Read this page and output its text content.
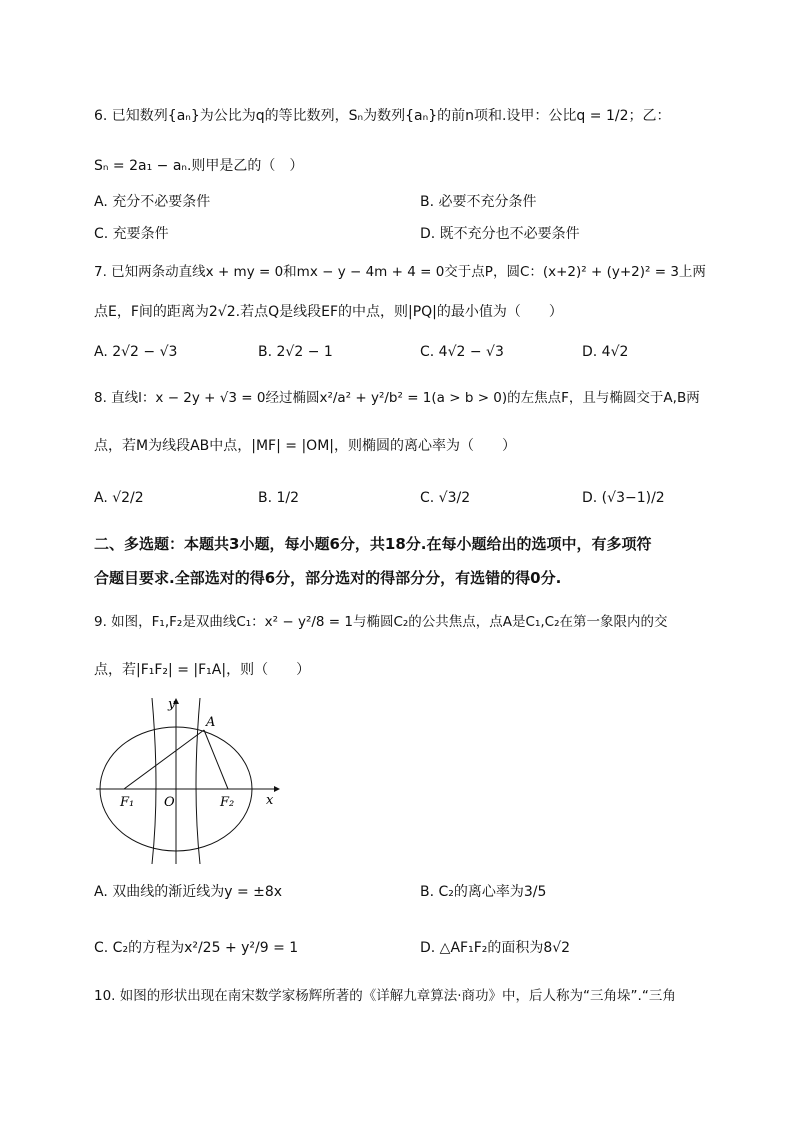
6. 已知数列{aₙ}为公比为q的等比数列，Sₙ为数列{aₙ}的前n项和.设甲：公比q = 1/2；乙：
Sₙ = 2a₁ − aₙ.则甲是乙的（　）
A. 充分不必要条件	B. 必要不充分条件
C. 充要条件	D. 既不充分也不必要条件
7. 已知两条动直线x + my = 0和mx − y − 4m + 4 = 0交于点P，圆C：(x+2)² + (y+2)² = 3上两
点E，F间的距离为2√2.若点Q是线段EF的中点，则|PQ|的最小值为（　　）
A. 2√2 − √3	B. 2√2 − 1	C. 4√2 − √3	D. 4√2
8. 直线l：x − 2y + √3 = 0经过椭圆x²/a² + y²/b² = 1(a > b > 0)的左焦点F，且与椭圆交于A,B两
点，若M为线段AB中点，|MF| = |OM|，则椭圆的离心率为（　　）
A. √2/2	B. 1/2	C. √3/2	D. (√3−1)/2
二、多选题：本题共3小题，每小题6分，共18分.在每小题给出的选项中，有多项符
合题目要求.全部选对的得6分，部分选对的得部分分，有选错的得0分.
9. 如图，F₁,F₂是双曲线C₁：x² − y²/8 = 1与椭圆C₂的公共焦点，点A是C₁,C₂在第一象限内的交
点，若|F₁F₂| = |F₁A|，则（　　）
y
A
x
F₁ O	F₂
A. 双曲线的渐近线为y = ±8x	B. C₂的离心率为3/5
C. C₂的方程为x²/25 + y²/9 = 1	D. △AF₁F₂的面积为8√2
10. 如图的形状出现在南宋数学家杨辉所著的《详解九章算法·商功》中，后人称为“三角垛”.“三角
